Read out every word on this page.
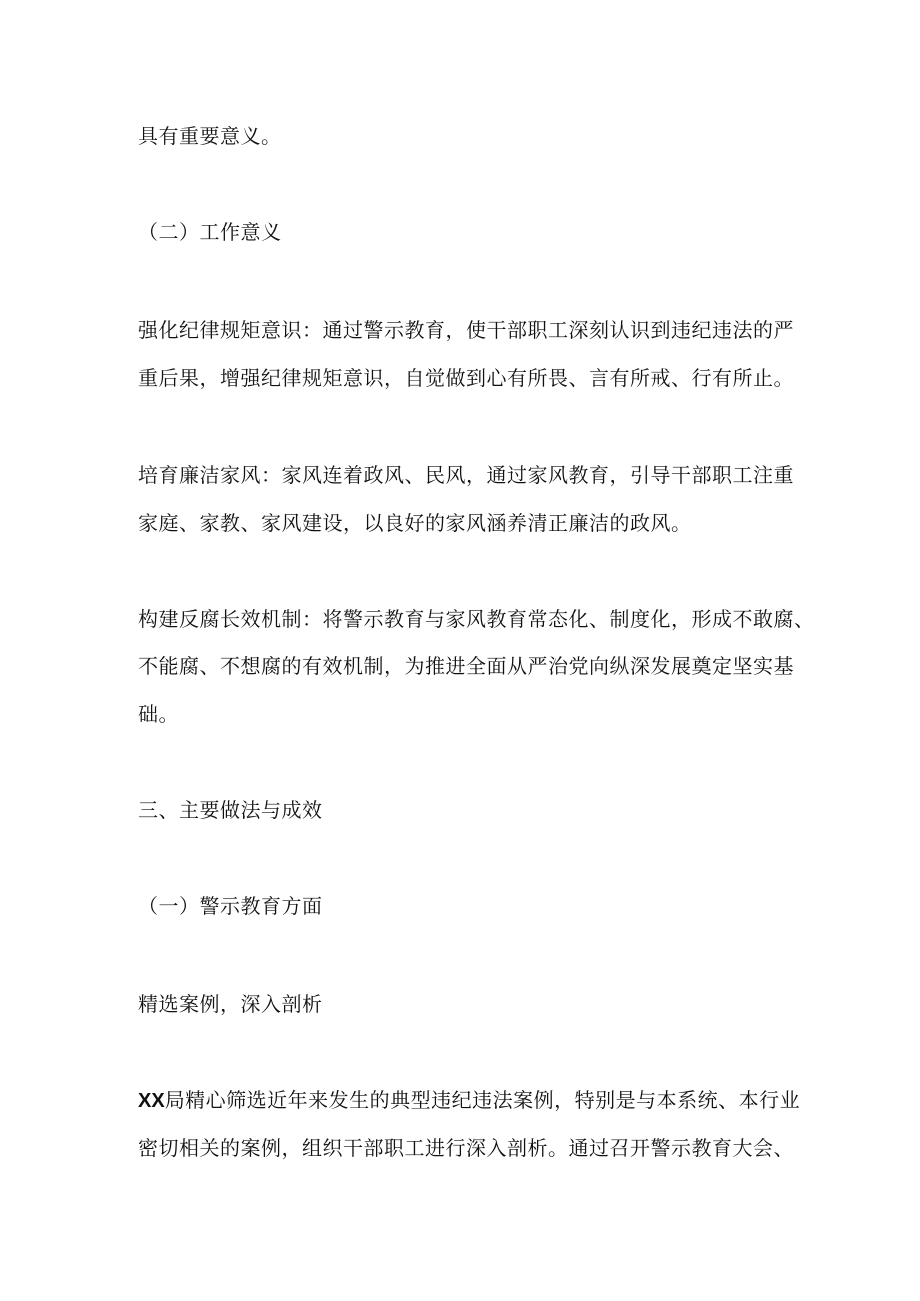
具有重要意义。

（二）工作意义

强化纪律规矩意识：通过警示教育，使干部职工深刻认识到违纪违法的严

重后果，增强纪律规矩意识，自觉做到心有所畏、言有所戒、行有所止。

培育廉洁家风：家风连着政风、民风，通过家风教育，引导干部职工注重

家庭、家教、家风建设，以良好的家风涵养清正廉洁的政风。

构建反腐长效机制：将警示教育与家风教育常态化、制度化，形成不敢腐、

不能腐、不想腐的有效机制，为推进全面从严治党向纵深发展奠定坚实基

础。

三、主要做法与成效

（一）警示教育方面

精选案例，深入剖析

XX局精心筛选近年来发生的典型违纪违法案例，特别是与本系统、本行业

密切相关的案例，组织干部职工进行深入剖析。通过召开警示教育大会、
